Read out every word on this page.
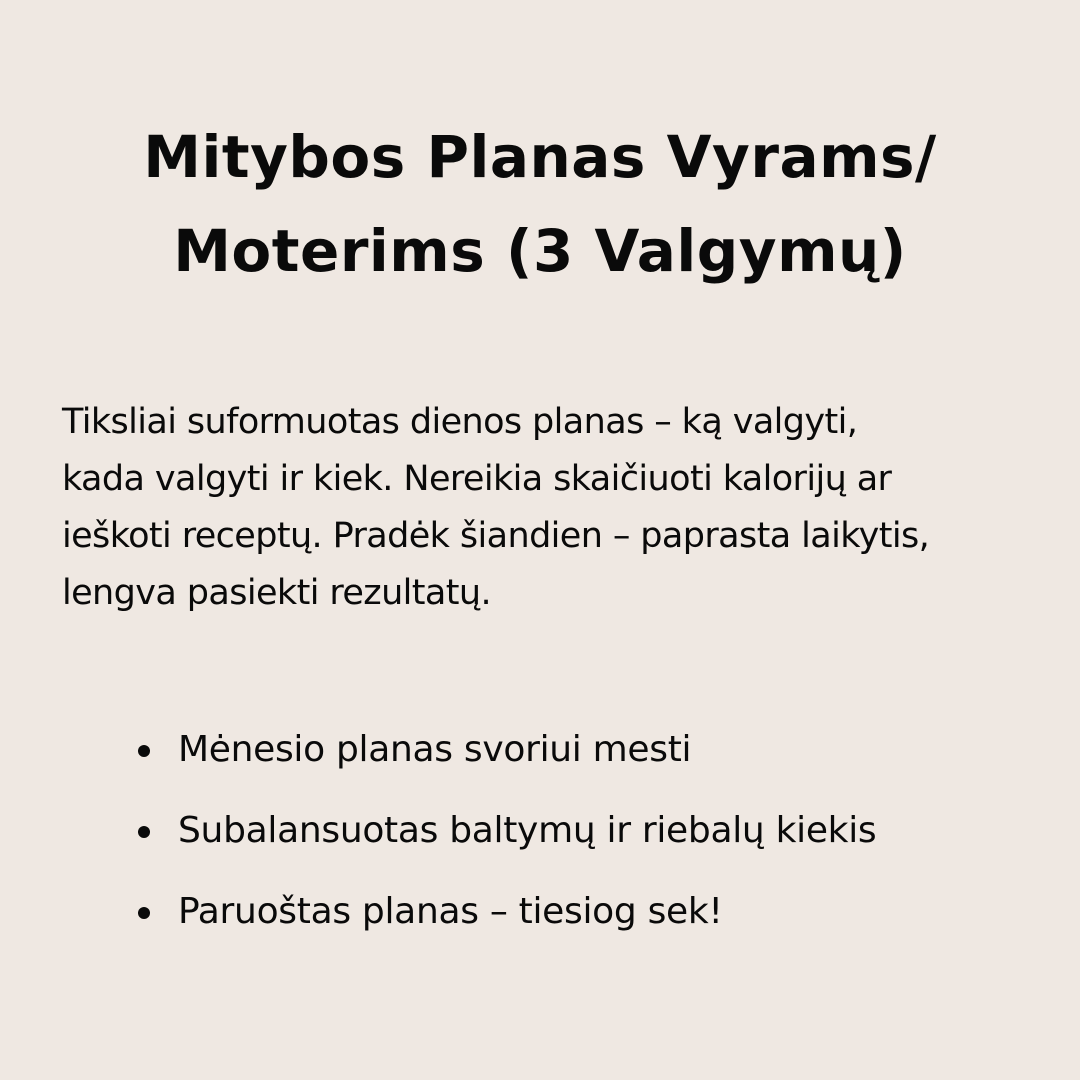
Mitybos Planas Vyrams/
Moterims (3 Valgymų)

Tiksliai suformuotas dienos planas – ką valgyti,
kada valgyti ir kiek. Nereikia skaičiuoti kalorijų ar
ieškoti receptų. Pradėk šiandien – paprasta laikytis,
lengva pasiekti rezultatų.

Mėnesio planas svoriui mesti
Subalansuotas baltymų ir riebalų kiekis
Paruoštas planas – tiesiog sek!
